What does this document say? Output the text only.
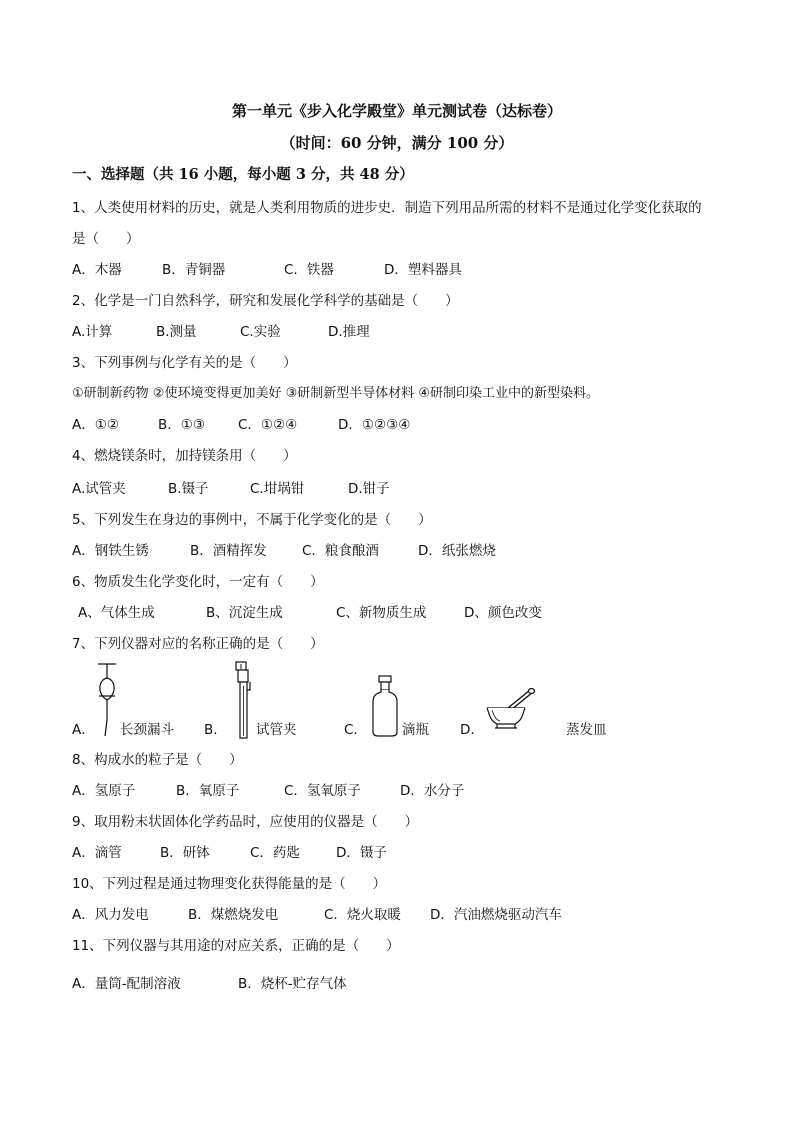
第一单元《步入化学殿堂》单元测试卷（达标卷）
（时间：60 分钟，满分 100 分）
一、选择题（共 16 小题，每小题 3 分，共 48 分）
1、人类使用材料的历史，就是人类利用物质的进步史．制造下列用品所需的材料不是通过化学变化获取的
是（　　）
A．木器	B．青铜器	C．铁器	D．塑料器具
2、化学是一门自然科学，研究和发展化学科学的基础是（　　）
A.计算	B.测量	C.实验	D.推理
3、下列事例与化学有关的是（　　）
①研制新药物 ②使环境变得更加美好 ③研制新型半导体材料 ④研制印染工业中的新型染料。
A．①②	B．①③ C．①②④	D．①②③④
4、燃烧镁条时，加持镁条用（　　）
A.试管夹	B.镊子	C.坩埚钳	D.钳子
5、下列发生在身边的事例中，不属于化学变化的是（　　）
A．钢铁生锈	B．酒精挥发	C．粮食酿酒	D．纸张燃烧
6、物质发生化学变化时，一定有（　　）
A、气体生成	B、沉淀生成	C、新物质生成	D、颜色改变
7、下列仪器对应的名称正确的是（　　）
A． 长颈漏斗 B． 试管夹	C．	滴瓶 D．	蒸发皿
8、构成水的粒子是（　　）
A．氢原子	B．氧原子	C．氢氧原子	D．水分子
9、取用粉末状固体化学药品时，应使用的仪器是（　　）
A．滴管	B．研钵	C．药匙	D．镊子
10、下列过程是通过物理变化获得能量的是（　　）
A．风力发电	B．煤燃烧发电	C．烧火取暖 D．汽油燃烧驱动汽车
11、下列仪器与其用途的对应关系，正确的是（　　）
A．量筒-配制溶液	B．烧杯-贮存气体
